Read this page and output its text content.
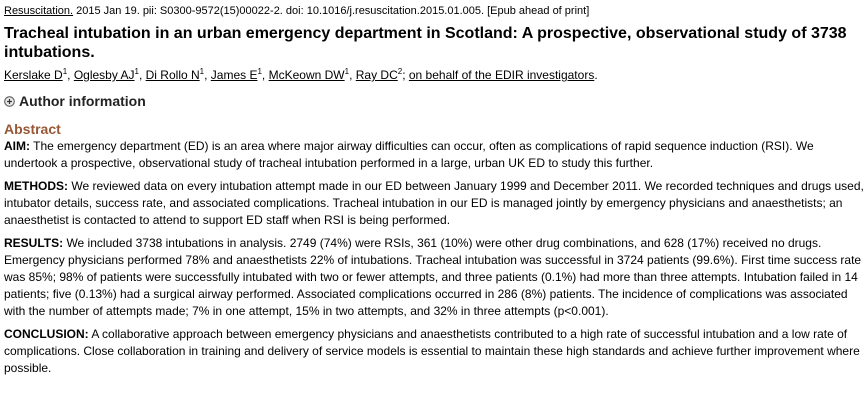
Resuscitation. 2015 Jan 19. pii: S0300-9572(15)00022-2. doi: 10.1016/j.resuscitation.2015.01.005. [Epub ahead of print]
Tracheal intubation in an urban emergency department in Scotland: A prospective, observational study of 3738 intubations.
Kerslake $D^1$, Oglesby $AJ^1$, Di Rollo $N^1$, James $E^1$, McKeown $DW^1$, Ray $DC^2$; on behalf of the EDIR investigators.
Author information
Abstract

AIM: The emergency department (ED) is an area where major airway difficulties can occur, often as complications of rapid sequence induction (RSI). We undertook a prospective, observational study of tracheal intubation performed in a large, urban UK ED to study this further.

METHODS: We reviewed data on every intubation attempt made in our ED between January 1999 and December 2011. We recorded techniques and drugs used, intubator details, success rate, and associated complications. Tracheal intubation in our ED is managed jointly by emergency physicians and anaesthetists; an anaesthetist is contacted to attend to support ED staff when RSI is being performed.

RESULTS: We included 3738 intubations in analysis. 2749 (74%) were RSIs, 361 (10%) were other drug combinations, and 628 (17%) received no drugs. Emergency physicians performed 78% and anaesthetists 22% of intubations. Tracheal intubation was successful in 3724 patients (99.6%). First time success rate was 85%; 98% of patients were successfully intubated with two or fewer attempts, and three patients (0.1%) had more than three attempts. Intubation failed in 14 patients; five (0.13%) had a surgical airway performed. Associated complications occurred in 286 (8%) patients. The incidence of complications was associated with the number of attempts made; 7% in one attempt, 15% in two attempts, and 32% in three attempts (p<0.001).

CONCLUSION: A collaborative approach between emergency physicians and anaesthetists contributed to a high rate of successful intubation and a low rate of complications. Close collaboration in training and delivery of service models is essential to maintain these high standards and achieve further improvement where possible.
